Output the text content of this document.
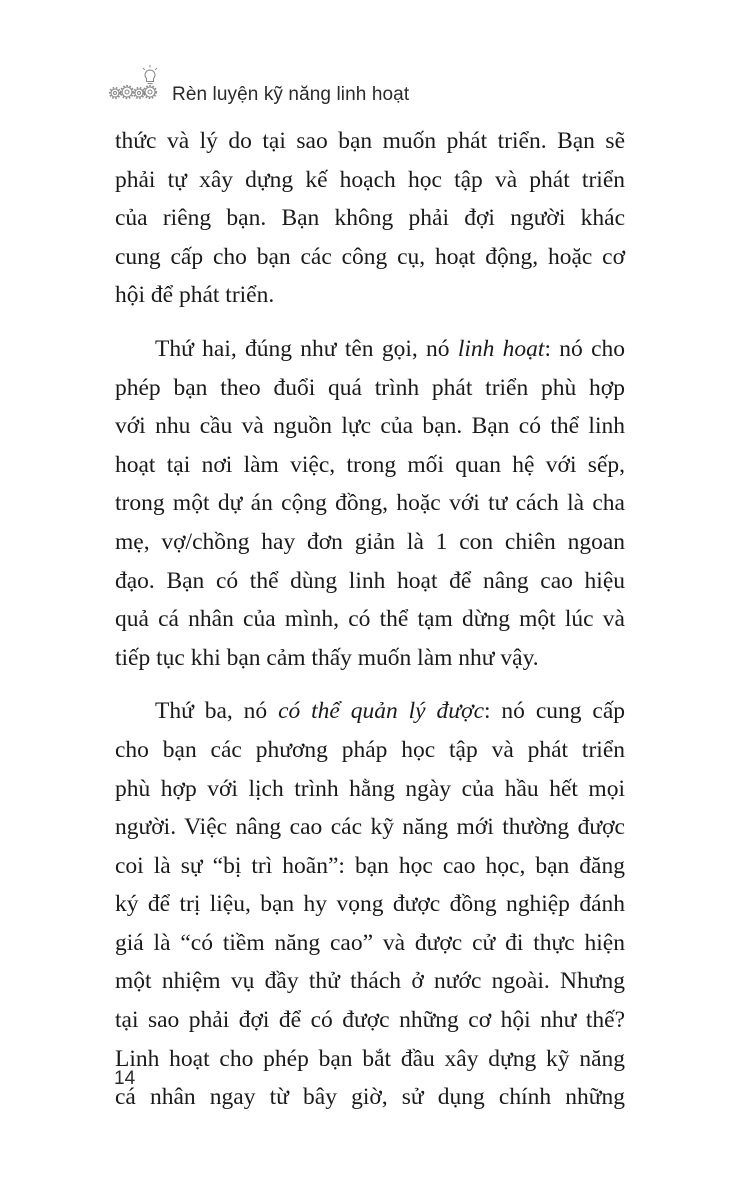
Rèn luyện kỹ năng linh hoạt
thức và lý do tại sao bạn muốn phát triển. Bạn sẽ
phải tự xây dựng kế hoạch học tập và phát triển
của riêng bạn. Bạn không phải đợi người khác
cung cấp cho bạn các công cụ, hoạt động, hoặc cơ
hội để phát triển.
Thứ hai, đúng như tên gọi, nó linh hoạt: nó cho
phép bạn theo đuổi quá trình phát triển phù hợp
với nhu cầu và nguồn lực của bạn. Bạn có thể linh
hoạt tại nơi làm việc, trong mối quan hệ với sếp,
trong một dự án cộng đồng, hoặc với tư cách là cha
mẹ, vợ/chồng hay đơn giản là 1 con chiên ngoan
đạo. Bạn có thể dùng linh hoạt để nâng cao hiệu
quả cá nhân của mình, có thể tạm dừng một lúc và
tiếp tục khi bạn cảm thấy muốn làm như vậy.
Thứ ba, nó có thể quản lý được: nó cung cấp
cho bạn các phương pháp học tập và phát triển
phù hợp với lịch trình hằng ngày của hầu hết mọi
người. Việc nâng cao các kỹ năng mới thường được
coi là sự “bị trì hoãn”: bạn học cao học, bạn đăng
ký để trị liệu, bạn hy vọng được đồng nghiệp đánh
giá là “có tiềm năng cao” và được cử đi thực hiện
một nhiệm vụ đầy thử thách ở nước ngoài. Nhưng
tại sao phải đợi để có được những cơ hội như thế?
Linh hoạt cho phép bạn bắt đầu xây dựng kỹ năng
cá nhân ngay từ bây giờ, sử dụng chính những
14
